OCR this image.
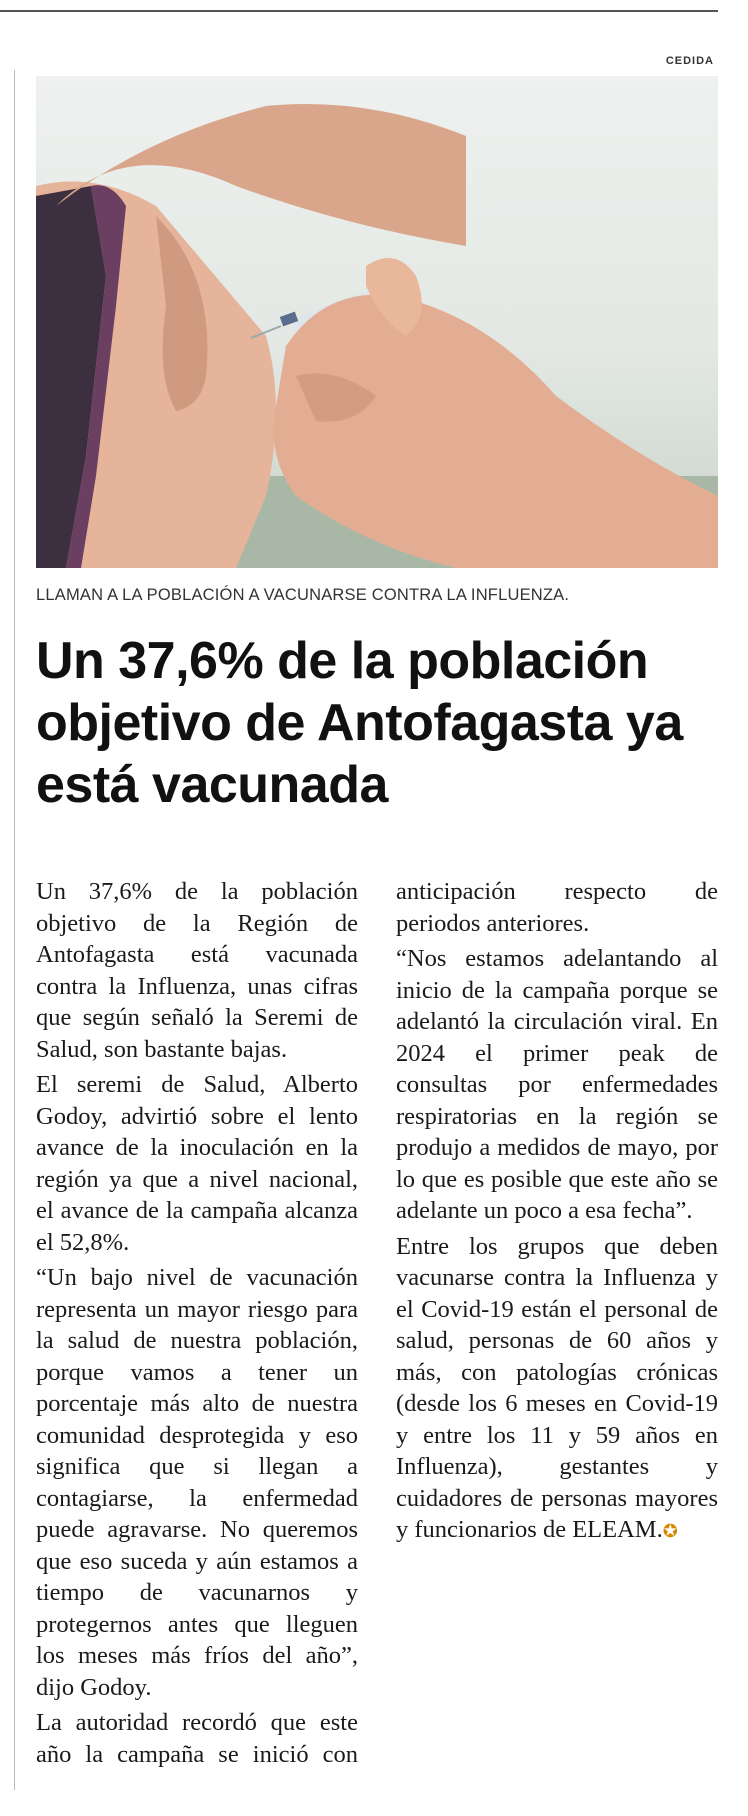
CEDIDA
LLAMAN A LA POBLACIÓN A VACUNARSE CONTRA LA INFLUENZA.
Un 37,6% de la población objetivo de Antofagasta ya está vacunada

Un 37,6% de la población objetivo de la Región de Antofagasta está vacunada contra la Influenza, unas cifras que según señaló la Seremi de Salud, son bastante bajas.

El seremi de Salud, Alberto Godoy, advirtió sobre el lento avance de la inoculación en la región ya que a nivel nacional, el avance de la campaña alcanza el 52,8%.

“Un bajo nivel de vacunación representa un mayor riesgo para la salud de nuestra población, porque vamos a tener un porcentaje más alto de nuestra comunidad desprotegida y eso significa que si llegan a contagiarse, la enfermedad puede agravarse. No queremos que eso suceda y aún estamos a tiempo de vacunarnos y protegernos antes que lleguen los meses más fríos del año”, dijo Godoy.

La autoridad recordó que este año la campaña se inició con anticipación respecto de periodos anteriores.

“Nos estamos adelantando al inicio de la campaña porque se adelantó la circulación viral. En 2024 el primer peak de consultas por enfermedades respiratorias en la región se produjo a medidos de mayo, por lo que es posible que este año se adelante un poco a esa fecha”.

Entre los grupos que deben vacunarse contra la Influenza y el Covid-19 están el personal de salud, personas de 60 años y más, con patologías crónicas (desde los 6 meses en Covid-19 y entre los 11 y 59 años en Influenza), gestantes y cuidadores de personas mayores y funcionarios de ELEAM.✪
